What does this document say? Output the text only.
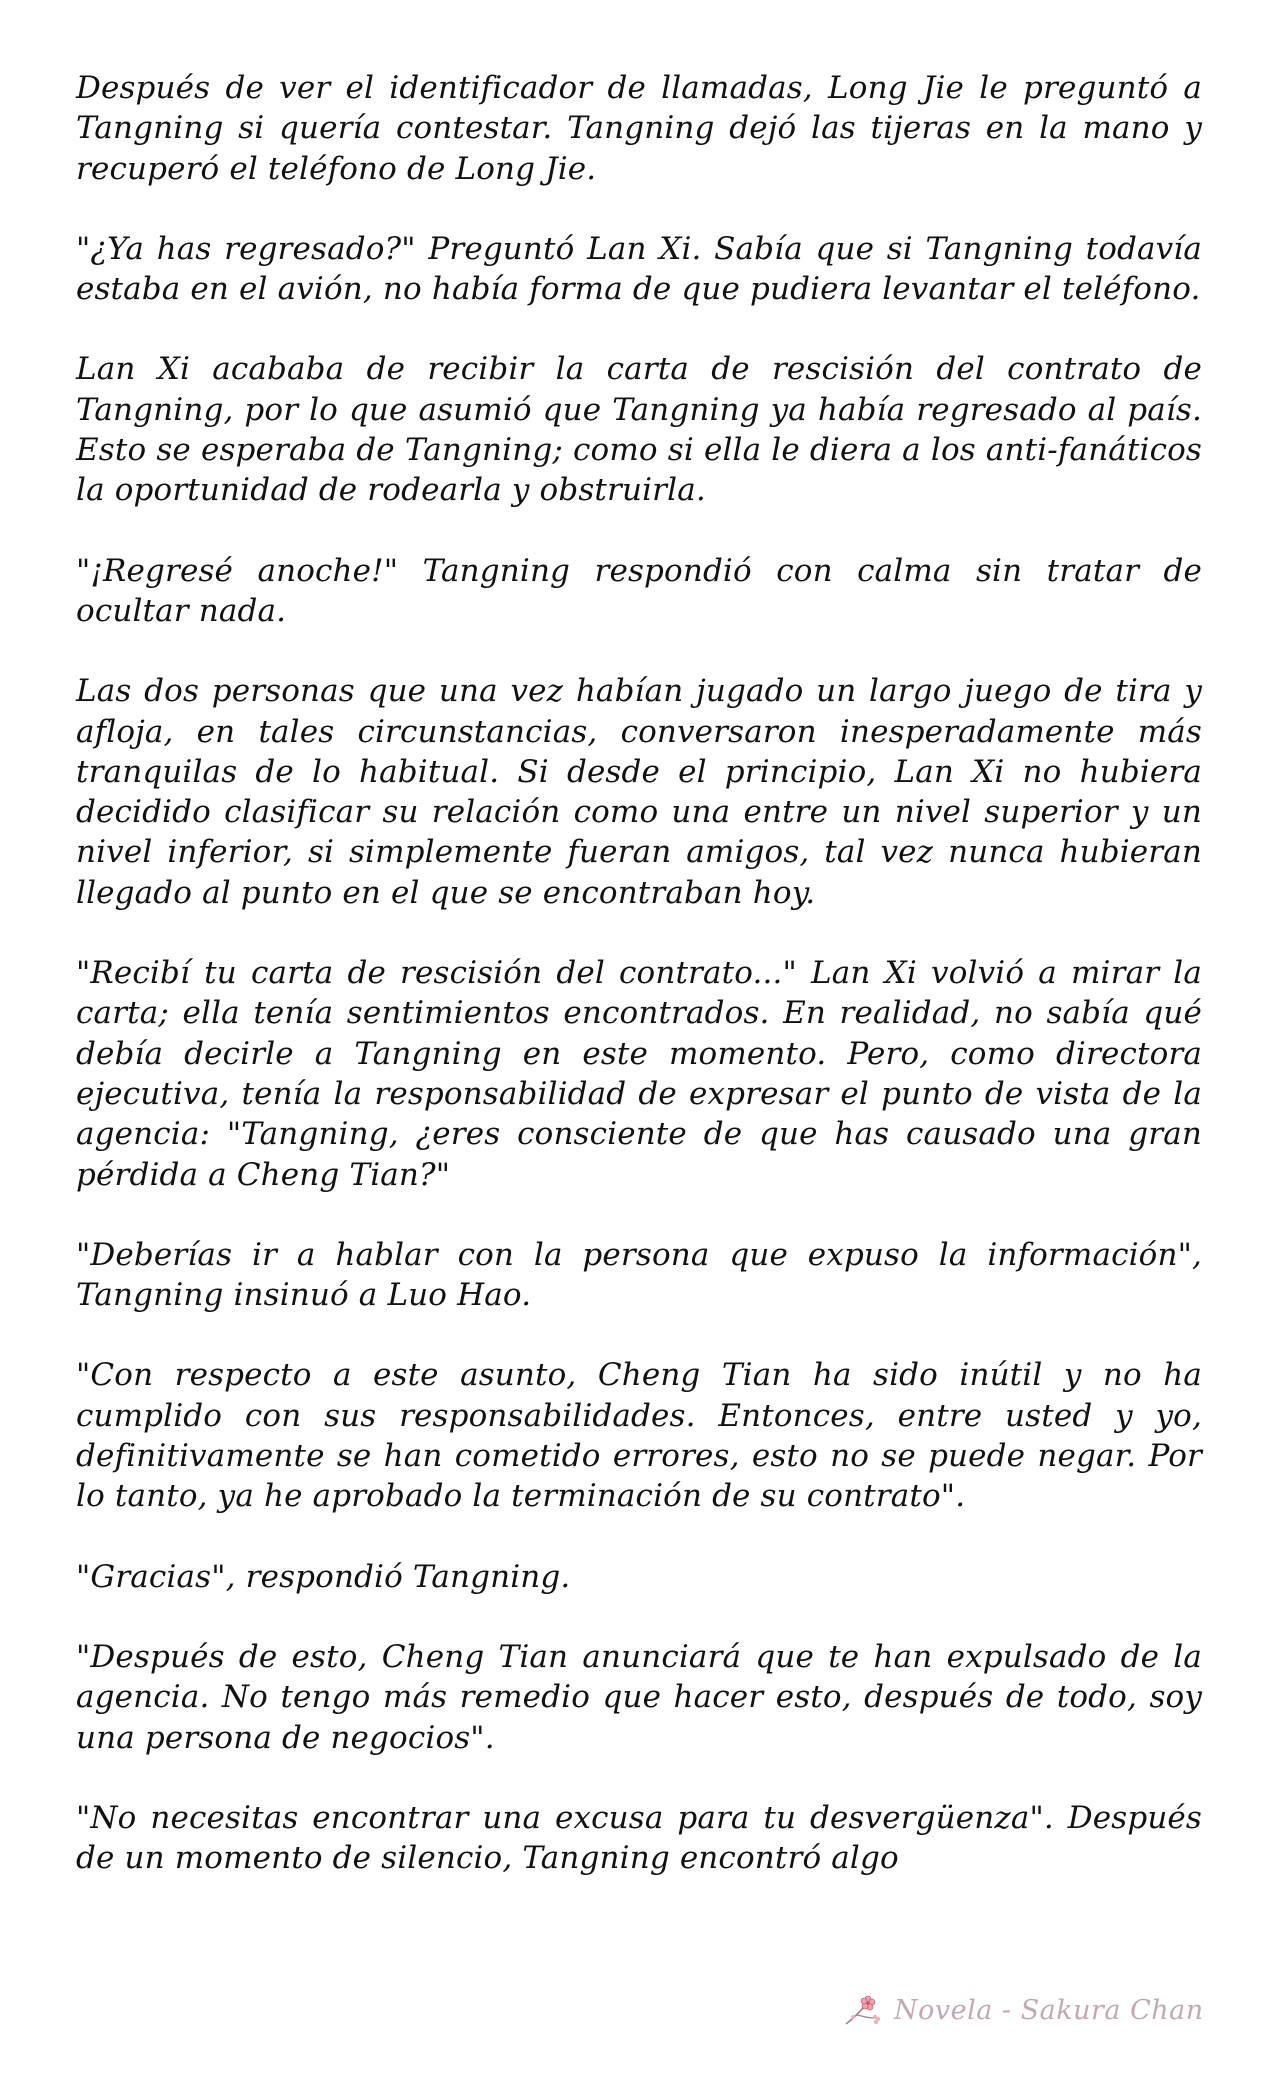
Después de ver el identificador de llamadas, Long Jie le preguntó a Tangning si quería contestar. Tangning dejó las tijeras en la mano y recuperó el teléfono de Long Jie.

"¿Ya has regresado?" Preguntó Lan Xi. Sabía que si Tangning todavía estaba en el avión, no había forma de que pudiera levantar el teléfono.

Lan Xi acababa de recibir la carta de rescisión del contrato de Tangning, por lo que asumió que Tangning ya había regresado al país. Esto se esperaba de Tangning; como si ella le diera a los anti-fanáticos la oportunidad de rodearla y obstruirla.

"¡Regresé anoche!" Tangning respondió con calma sin tratar de ocultar nada.

Las dos personas que una vez habían jugado un largo juego de tira y afloja, en tales circunstancias, conversaron inesperadamente más tranquilas de lo habitual. Si desde el principio, Lan Xi no hubiera decidido clasificar su relación como una entre un nivel superior y un nivel inferior, si simplemente fueran amigos, tal vez nunca hubieran llegado al punto en el que se encontraban hoy.

"Recibí tu carta de rescisión del contrato..." Lan Xi volvió a mirar la carta; ella tenía sentimientos encontrados. En realidad, no sabía qué debía decirle a Tangning en este momento. Pero, como directora ejecutiva, tenía la responsabilidad de expresar el punto de vista de la agencia: "Tangning, ¿eres consciente de que has causado una gran pérdida a Cheng Tian?"

"Deberías ir a hablar con la persona que expuso la información", Tangning insinuó a Luo Hao.

"Con respecto a este asunto, Cheng Tian ha sido inútil y no ha cumplido con sus responsabilidades. Entonces, entre usted y yo, definitivamente se han cometido errores, esto no se puede negar. Por lo tanto, ya he aprobado la terminación de su contrato".

"Gracias", respondió Tangning.

"Después de esto, Cheng Tian anunciará que te han expulsado de la agencia. No tengo más remedio que hacer esto, después de todo, soy una persona de negocios".

"No necesitas encontrar una excusa para tu desvergüenza". Después de un momento de silencio, Tangning encontró algo

Novela - Sakura Chan
